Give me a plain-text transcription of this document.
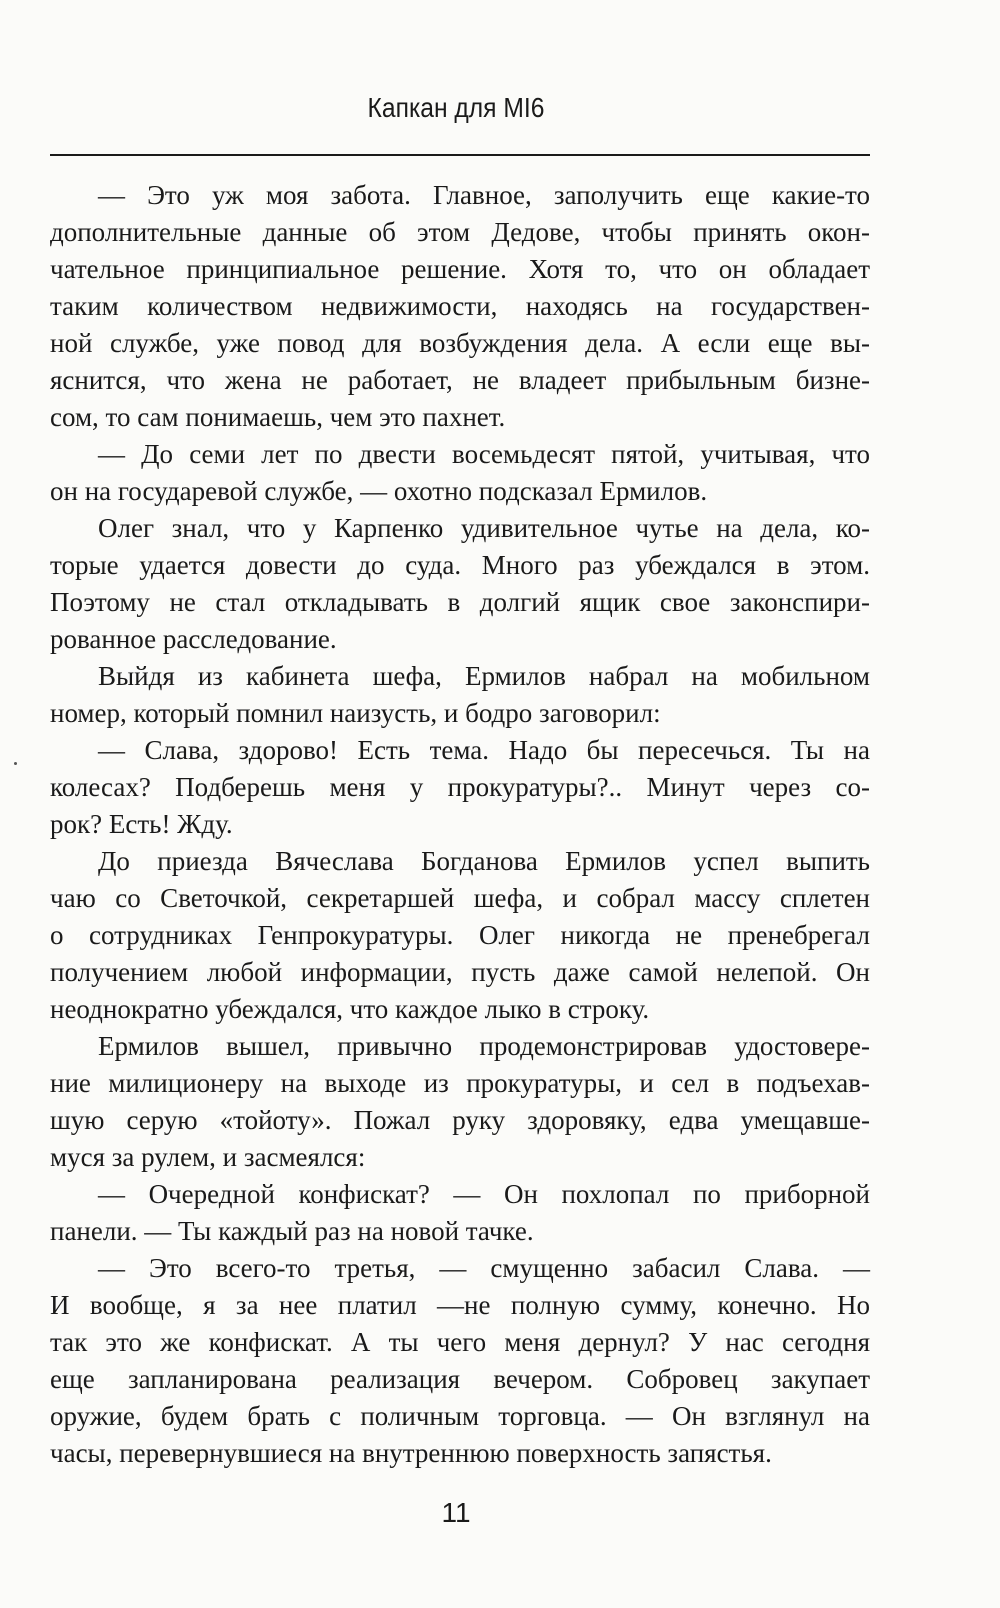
Капкан для MI6
— Это уж моя забота. Главное, заполучить еще какие-то
дополнительные данные об этом Дедове, чтобы принять окон-
чательное принципиальное решение. Хотя то, что он обладает
таким количеством недвижимости, находясь на государствен-
ной службе, уже повод для возбуждения дела. А если еще вы-
яснится, что жена не работает, не владеет прибыльным бизне-
сом, то сам понимаешь, чем это пахнет.
— До семи лет по двести восемьдесят пятой, учитывая, что
он на государевой службе, — охотно подсказал Ермилов.
Олег знал, что у Карпенко удивительное чутье на дела, ко-
торые удается довести до суда. Много раз убеждался в этом.
Поэтому не стал откладывать в долгий ящик свое законспири-
рованное расследование.
Выйдя из кабинета шефа, Ермилов набрал на мобильном
номер, который помнил наизусть, и бодро заговорил:
— Слава, здорово! Есть тема. Надо бы пересечься. Ты на
колесах? Подберешь меня у прокуратуры?.. Минут через со-
рок? Есть! Жду.
До приезда Вячеслава Богданова Ермилов успел выпить
чаю со Светочкой, секретаршей шефа, и собрал массу сплетен
о сотрудниках Генпрокуратуры. Олег никогда не пренебрегал
получением любой информации, пусть даже самой нелепой. Он
неоднократно убеждался, что каждое лыко в строку.
Ермилов вышел, привычно продемонстрировав удостовере-
ние милиционеру на выходе из прокуратуры, и сел в подъехав-
шую серую «тойоту». Пожал руку здоровяку, едва умещавше-
муся за рулем, и засмеялся:
— Очередной конфискат? — Он похлопал по приборной
панели. — Ты каждый раз на новой тачке.
— Это всего-то третья, — смущенно забасил Слава. —
И вообще, я за нее платил —не полную сумму, конечно. Но
так это же конфискат. А ты чего меня дернул? У нас сегодня
еще запланирована реализация вечером. Собровец закупает
оружие, будем брать с поличным торговца. — Он взглянул на
часы, перевернувшиеся на внутреннюю поверхность запястья.
11
